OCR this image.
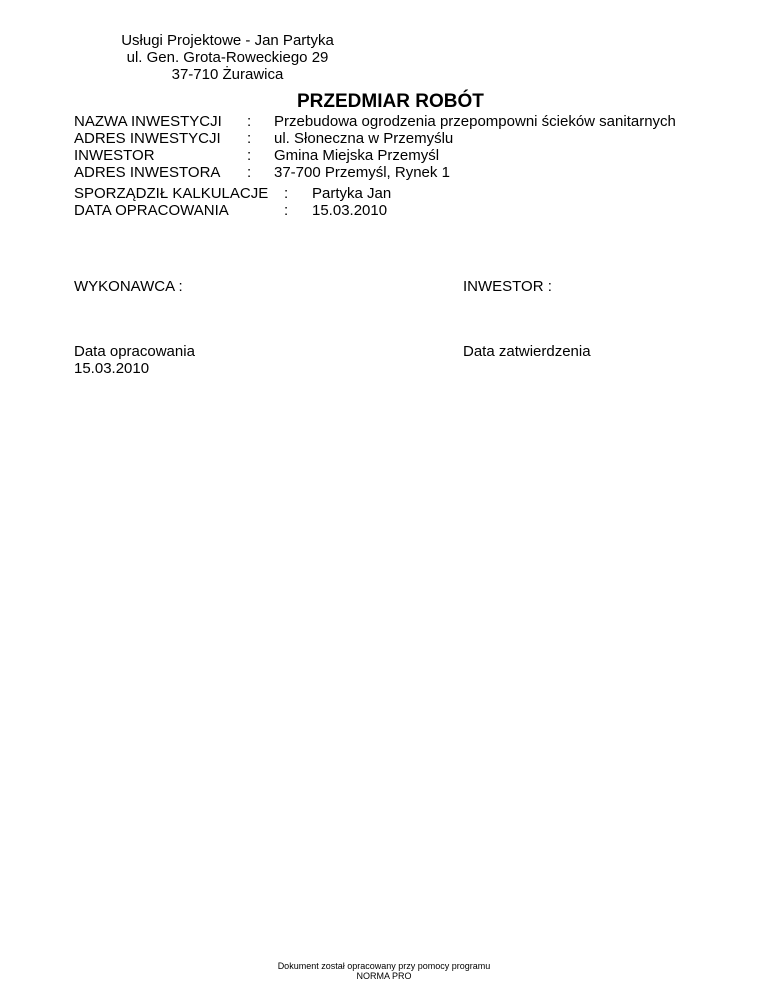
Usługi Projektowe - Jan Partyka
ul. Gen. Grota-Roweckiego 29
37-710 Żurawica
PRZEDMIAR ROBÓT
NAZWA INWESTYCJI	:	Przebudowa ogrodzenia przepompowni ścieków sanitarnych
ADRES INWESTYCJI	:	ul. Słoneczna w Przemyślu
INWESTOR	:	Gmina Miejska Przemyśl
ADRES INWESTORA	:	37-700 Przemyśl, Rynek 1
SPORZĄDZIŁ KALKULACJE	:	Partyka Jan
DATA OPRACOWANIA	:	15.03.2010
WYKONAWCA :	INWESTOR :
Data opracowania
15.03.2010
Data zatwierdzenia
Dokument został opracowany przy pomocy programu
NORMA PRO
